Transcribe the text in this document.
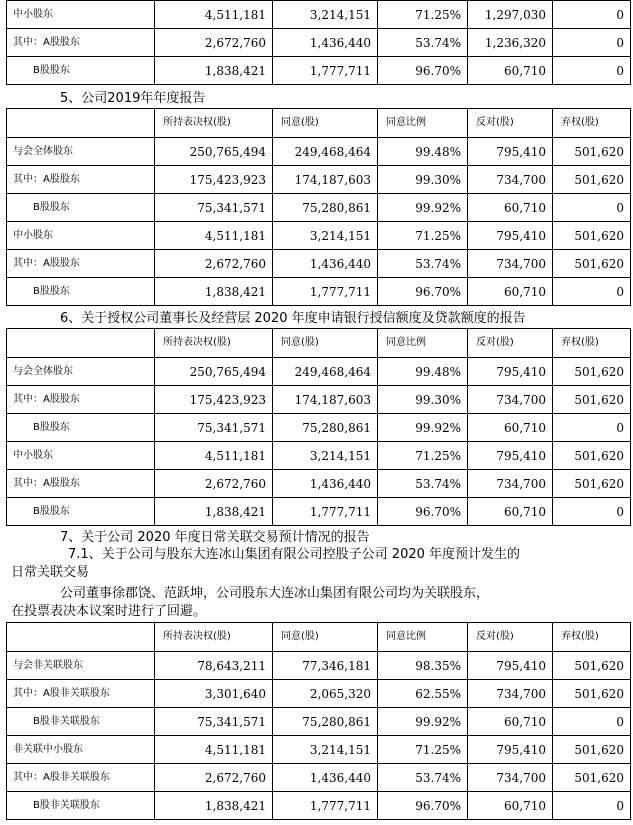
中小股东	4,511,181	3,214,151	71.25%	1,297,030	0
其中：A股股东	2,672,760	1,436,440	53.74%	1,236,320	0
B股股东	1,838,421	1,777,711	96.70%	60,710	0
5、公司2019年年度报告
	所持表决权(股)	同意(股)	同意比例	反对(股)	弃权(股)
与会全体股东	250,765,494	249,468,464	99.48%	795,410	501,620
其中：A股股东	175,423,923	174,187,603	99.30%	734,700	501,620
B股股东	75,341,571	75,280,861	99.92%	60,710	0
中小股东	4,511,181	3,214,151	71.25%	795,410	501,620
其中：A股股东	2,672,760	1,436,440	53.74%	734,700	501,620
B股股东	1,838,421	1,777,711	96.70%	60,710	0
6、关于授权公司董事长及经营层 2020 年度申请银行授信额度及贷款额度的报告
	所持表决权(股)	同意(股)	同意比例	反对(股)	弃权(股)
与会全体股东	250,765,494	249,468,464	99.48%	795,410	501,620
其中：A股股东	175,423,923	174,187,603	99.30%	734,700	501,620
B股股东	75,341,571	75,280,861	99.92%	60,710	0
中小股东	4,511,181	3,214,151	71.25%	795,410	501,620
其中：A股股东	2,672,760	1,436,440	53.74%	734,700	501,620
B股股东	1,838,421	1,777,711	96.70%	60,710	0
7、关于公司 2020 年度日常关联交易预计情况的报告
7.1、关于公司与股东大连冰山集团有限公司控股子公司 2020 年度预计发生的
日常关联交易
公司董事徐郡饶、范跃坤，公司股东大连冰山集团有限公司均为关联股东，
在投票表决本议案时进行了回避。
	所持表决权(股)	同意(股)	同意比例	反对(股)	弃权(股)
与会非关联股东	78,643,211	77,346,181	98.35%	795,410	501,620
其中：A股非关联股东	3,301,640	2,065,320	62.55%	734,700	501,620
B股非关联股东	75,341,571	75,280,861	99.92%	60,710	0
非关联中小股东	4,511,181	3,214,151	71.25%	795,410	501,620
其中：A股非关联股东	2,672,760	1,436,440	53.74%	734,700	501,620
B股非关联股东	1,838,421	1,777,711	96.70%	60,710	0
